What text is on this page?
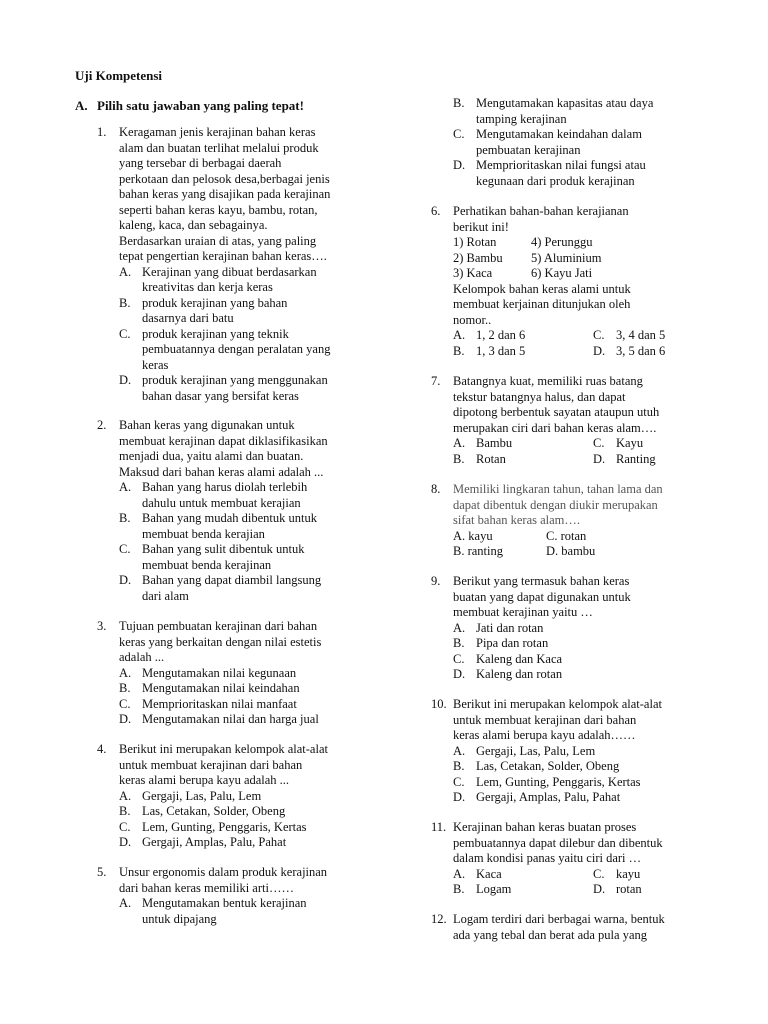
Uji Kompetensi
A. Pilih satu jawaban yang paling tepat!
1. Keragaman jenis kerajinan bahan keras
alam dan buatan terlihat melalui produk
yang tersebar di berbagai daerah
perkotaan dan pelosok desa,berbagai jenis
bahan keras yang disajikan pada kerajinan
seperti bahan keras kayu, bambu, rotan,
kaleng, kaca, dan sebagainya.
Berdasarkan uraian di atas, yang paling
tepat pengertian kerajinan bahan keras….
A. Kerajinan yang dibuat berdasarkan
kreativitas dan kerja keras
B. produk kerajinan yang bahan
dasarnya dari batu
C. produk kerajinan yang teknik
pembuatannya dengan peralatan yang
keras
D. produk kerajinan yang menggunakan
bahan dasar yang bersifat keras
2. Bahan keras yang digunakan untuk
membuat kerajinan dapat diklasifikasikan
menjadi dua, yaitu alami dan buatan.
Maksud dari bahan keras alami adalah ...
A. Bahan yang harus diolah terlebih
dahulu untuk membuat kerajian
B. Bahan yang mudah dibentuk untuk
membuat benda kerajian
C. Bahan yang sulit dibentuk untuk
membuat benda kerajinan
D. Bahan yang dapat diambil langsung
dari alam
3. Tujuan pembuatan kerajinan dari bahan
keras yang berkaitan dengan nilai estetis
adalah ...
A. Mengutamakan nilai kegunaan
B. Mengutamakan nilai keindahan
C. Memprioritaskan nilai manfaat
D. Mengutamakan nilai dan harga jual
4. Berikut ini merupakan kelompok alat-alat
untuk membuat kerajinan dari bahan
keras alami berupa kayu adalah ...
A. Gergaji, Las, Palu, Lem
B. Las, Cetakan, Solder, Obeng
C. Lem, Gunting, Penggaris, Kertas
D. Gergaji, Amplas, Palu, Pahat
5. Unsur ergonomis dalam produk kerajinan
dari bahan keras memiliki arti……
A. Mengutamakan bentuk kerajinan
untuk dipajang
B. Mengutamakan kapasitas atau daya
tamping kerajinan
C. Mengutamakan keindahan dalam
pembuatan kerajinan
D. Memprioritaskan nilai fungsi atau
kegunaan dari produk kerajinan
6. Perhatikan bahan-bahan kerajianan
berikut ini!
1) Rotan	4) Perunggu
2) Bambu	5) Aluminium
3) Kaca	6) Kayu Jati
Kelompok bahan keras alami untuk
membuat kerjainan ditunjukan oleh
nomor..
A. 1, 2 dan 6	C. 3, 4 dan 5
B. 1, 3 dan 5	D. 3, 5 dan 6
7. Batangnya kuat, memiliki ruas batang
tekstur batangnya halus, dan dapat
dipotong berbentuk sayatan ataupun utuh
merupakan ciri dari bahan keras alam….
A. Bambu	C. Kayu
B. Rotan	D. Ranting
8. Memiliki lingkaran tahun, tahan lama dan
dapat dibentuk dengan diukir merupakan
sifat bahan keras alam….
A. kayu	C. rotan
B. ranting	D. bambu
9. Berikut yang termasuk bahan keras
buatan yang dapat digunakan untuk
membuat kerajinan yaitu …
A. Jati dan rotan
B. Pipa dan rotan
C. Kaleng dan Kaca
D. Kaleng dan rotan
10. Berikut ini merupakan kelompok alat-alat
untuk membuat kerajinan dari bahan
keras alami berupa kayu adalah……
A. Gergaji, Las, Palu, Lem
B. Las, Cetakan, Solder, Obeng
C. Lem, Gunting, Penggaris, Kertas
D. Gergaji, Amplas, Palu, Pahat
11. Kerajinan bahan keras buatan proses
pembuatannya dapat dilebur dan dibentuk
dalam kondisi panas yaitu ciri dari …
A. Kaca	C. kayu
B. Logam	D. rotan
12. Logam terdiri dari berbagai warna, bentuk
ada yang tebal dan berat ada pula yang
